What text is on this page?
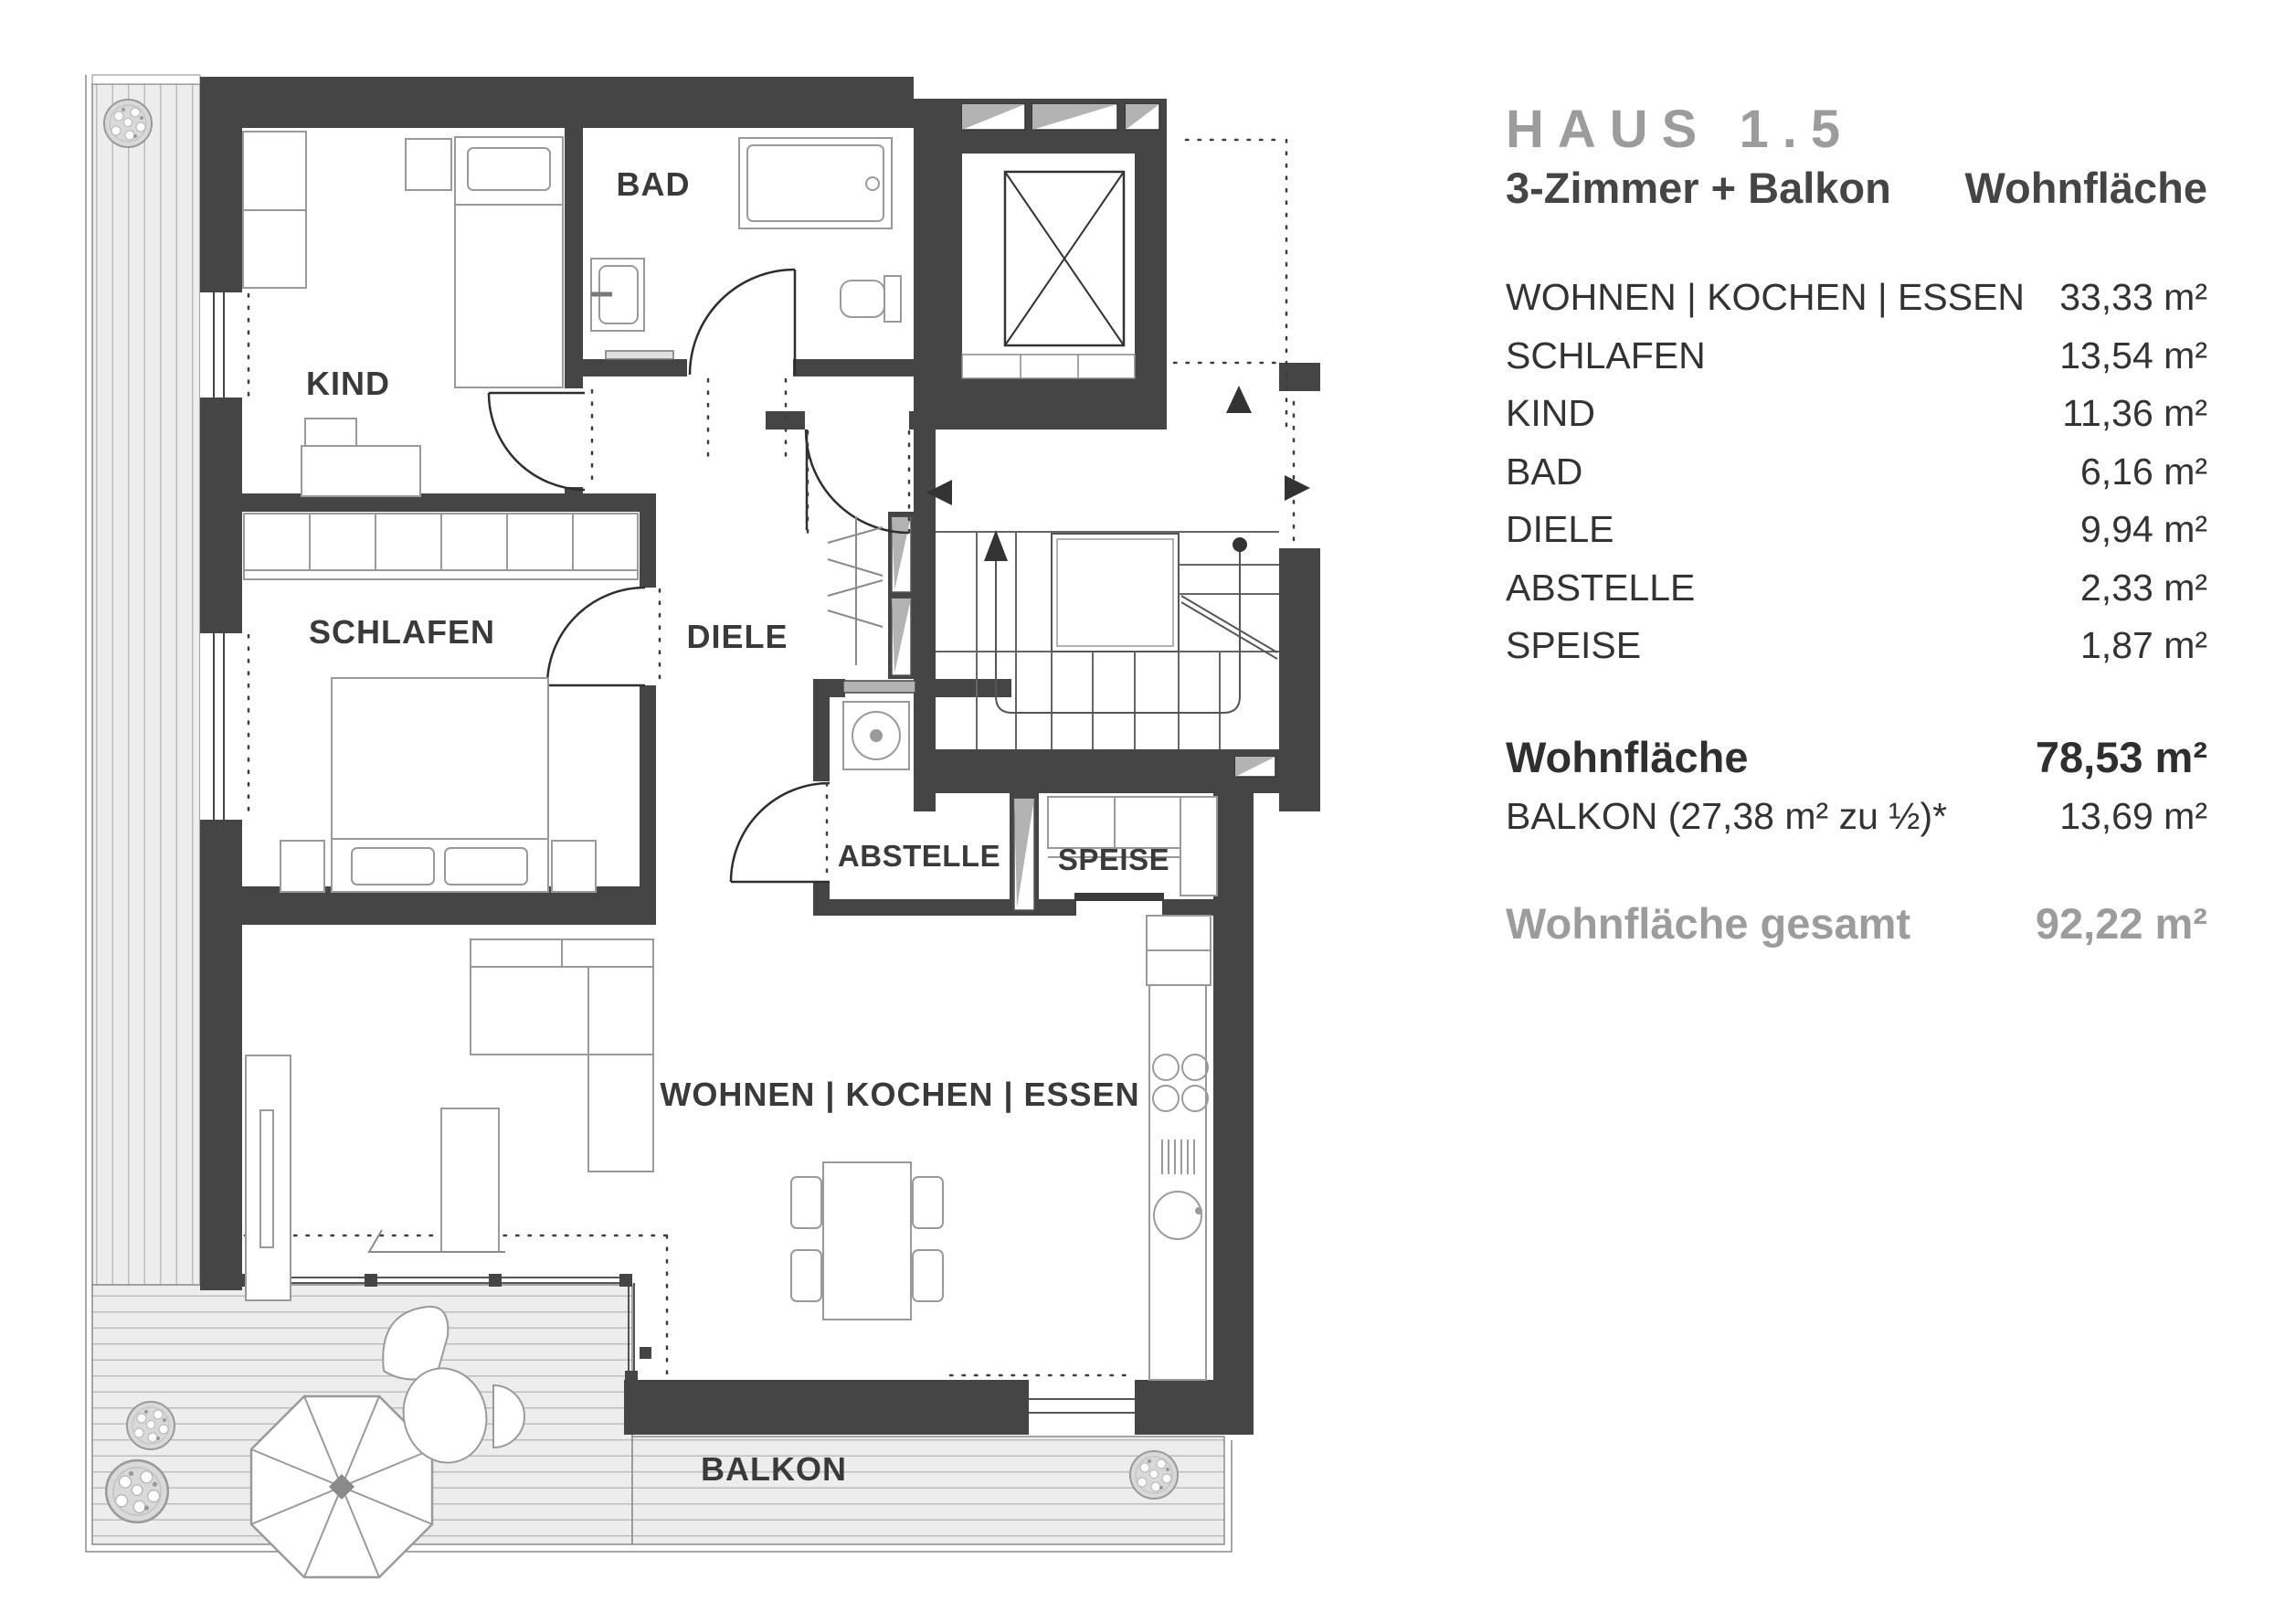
KIND
BAD
SCHLAFEN	DIELE
ABSTELLE SPEISE
WOHNEN | KOCHEN | ESSEN
BALKON
HAUS 1.5
3-Zimmer + Balkon Wohnfläche
WOHNEN | KOCHEN | ESSEN 33,33 m²
SCHLAFEN	13,54 m²
KIND	11,36 m²
BAD	6,16 m²
DIELE	9,94 m²
ABSTELLE	2,33 m²
SPEISE	1,87 m²
Wohnfläche	78,53 m²
BALKON (27,38 m² zu ½)*	13,69 m²
Wohnfläche gesamt	92,22 m²
